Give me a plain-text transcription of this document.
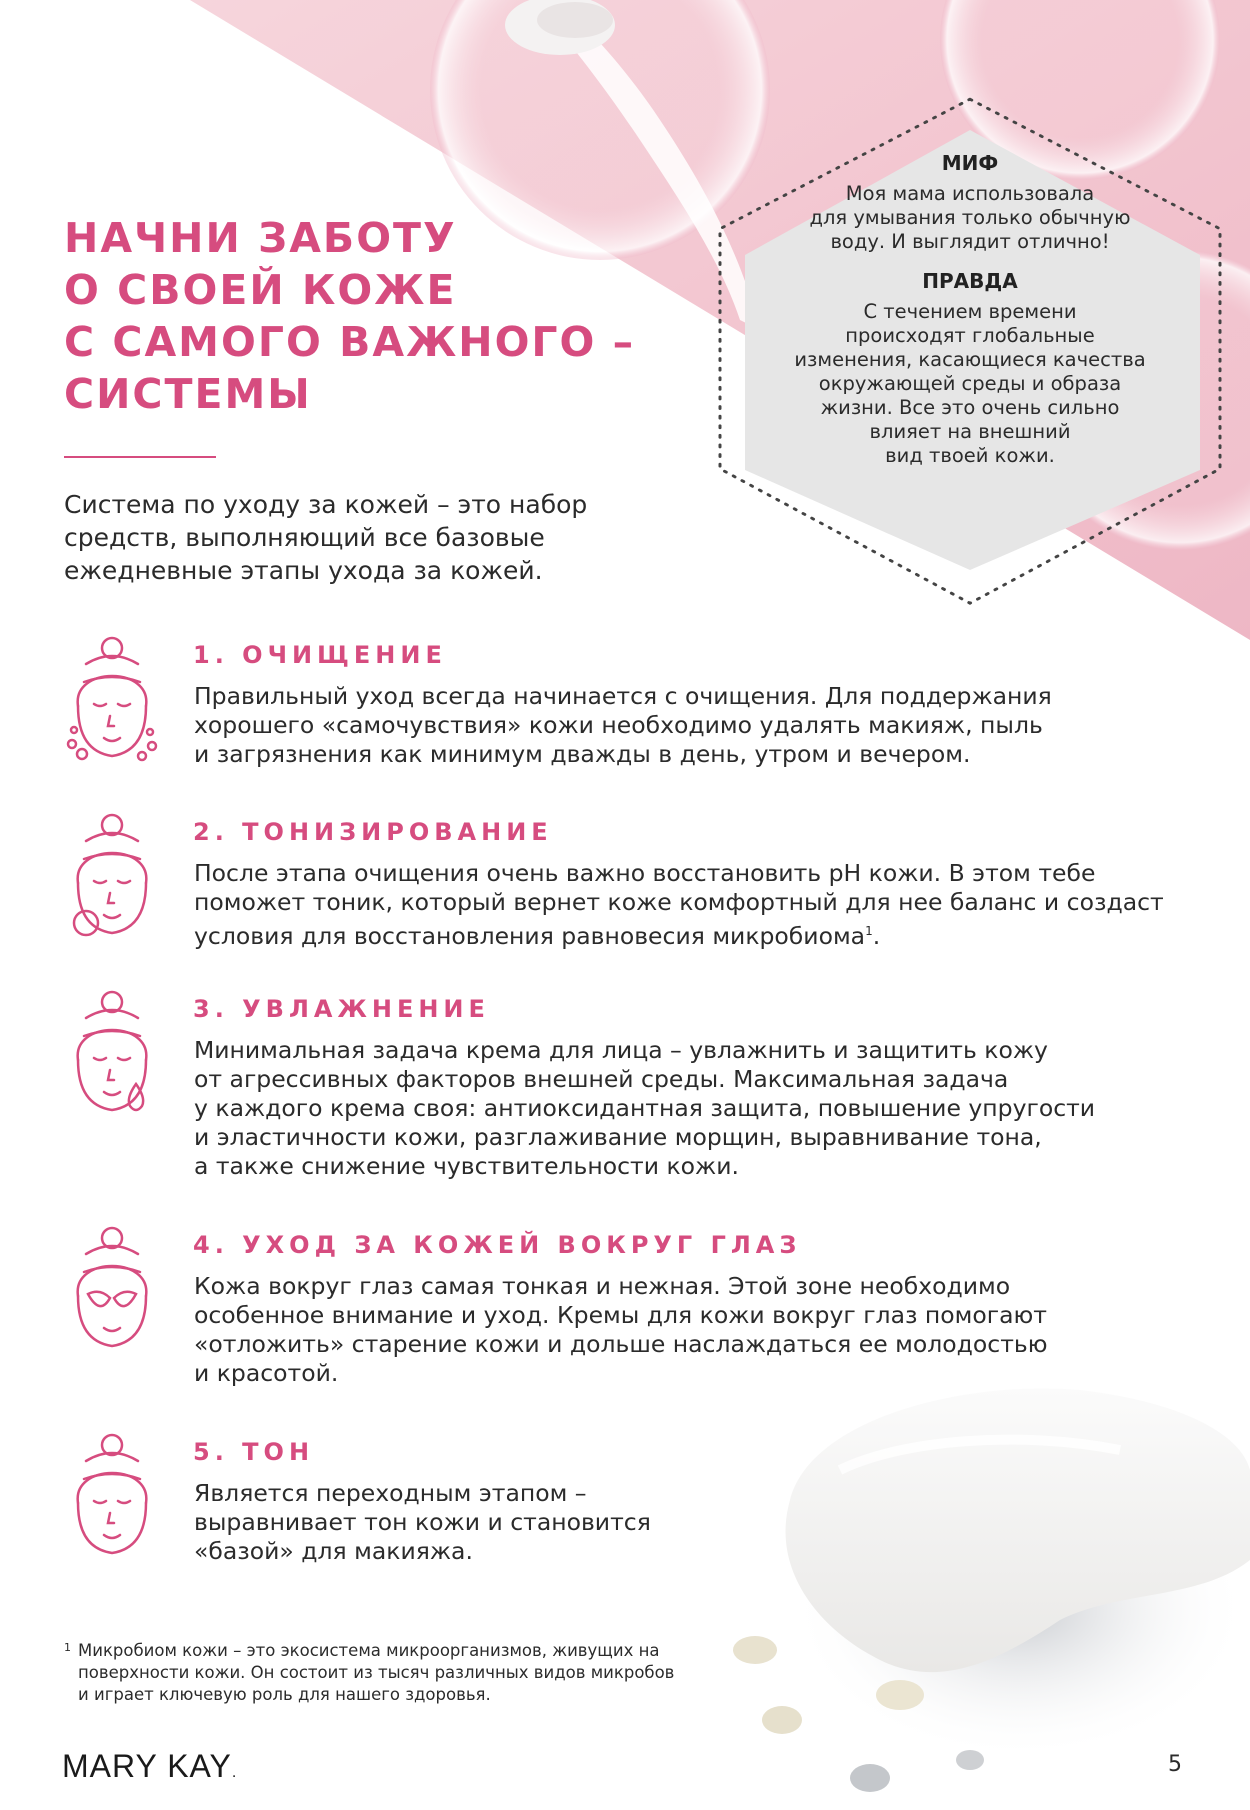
МИФ

Моя мама использовала
для умывания только обычную
воду. И выглядит отлично!

ПРАВДА

С течением времени
происходят глобальные
изменения, касающиеся качества
окружающей среды и образа
жизни. Все это очень сильно
влияет на внешний
вид твоей кожи.

НАЧНИ ЗАБОТУ
О СВОЕЙ КОЖЕ
С САМОГО ВАЖНОГО –
СИСТЕМЫ

Система по уходу за кожей – это набор
средств, выполняющий все базовые
ежедневные этапы ухода за кожей.

1. ОЧИЩЕНИЕ

Правильный уход всегда начинается с очищения. Для поддержания
хорошего «самочувствия» кожи необходимо удалять макияж, пыль
и загрязнения как минимум дважды в день, утром и вечером.

2. ТОНИЗИРОВАНИЕ

После этапа очищения очень важно восстановить pH кожи. В этом тебе
поможет тоник, который вернет коже комфортный для нее баланс и создаст
условия для восстановления равновесия микробиома$^1$.

3. УВЛАЖНЕНИЕ

Минимальная задача крема для лица – увлажнить и защитить кожу
от агрессивных факторов внешней среды. Максимальная задача
у каждого крема своя: антиоксидантная защита, повышение упругости
и эластичности кожи, разглаживание морщин, выравнивание тона,
а также снижение чувствительности кожи.

4. УХОД ЗА КОЖЕЙ ВОКРУГ ГЛАЗ

Кожа вокруг глаз самая тонкая и нежная. Этой зоне необходимо
особенное внимание и уход. Кремы для кожи вокруг глаз помогают
«отложить» старение кожи и дольше наслаждаться ее молодостью
и красотой.

5. ТОН

Является переходным этапом –
выравнивает тон кожи и становится
«базой» для макияжа.

1 Микробиом кожи – это экосистема микроорганизмов, живущих на
поверхности кожи. Он состоит из тысяч различных видов микробов
и играет ключевую роль для нашего здоровья.
MARY KAY.	5
